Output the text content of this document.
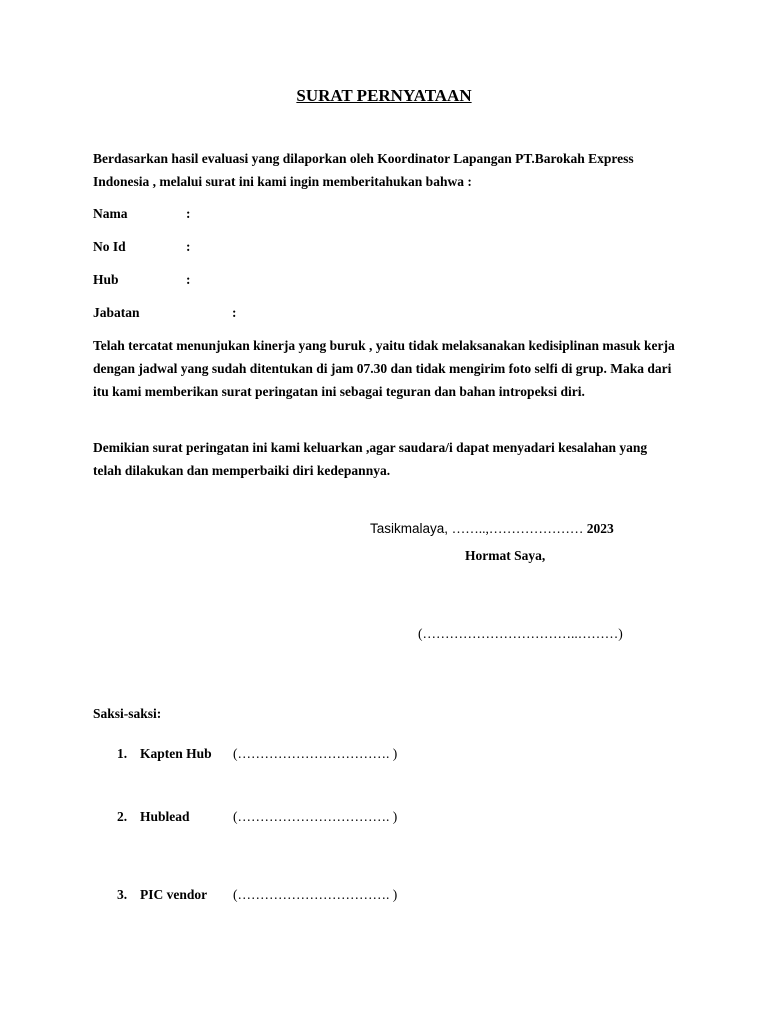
SURAT PERNYATAAN

Berdasarkan hasil evaluasi yang dilaporkan oleh Koordinator Lapangan PT.Barokah Express Indonesia , melalui surat ini kami ingin memberitahukan bahwa :

Nama	:
No Id	:
Hub	:
Jabatan	:

Telah tercatat menunjukan kinerja yang buruk , yaitu tidak melaksanakan kedisiplinan masuk kerja dengan jadwal yang sudah ditentukan di jam 07.30 dan tidak mengirim foto selfi di grup. Maka dari itu kami memberikan surat peringatan ini sebagai teguran dan bahan intropeksi diri.

Demikian surat peringatan ini kami keluarkan ,agar saudara/i dapat menyadari kesalahan yang telah dilakukan dan memperbaiki diri kedepannya.

Tasikmalaya, ……..,………………… 2023
Hormat Saya,
(……………………………..………)
Saksi-saksi:
1. Kapten Hub (……………………………. )
2. Hublead	(……………………………. )
3. PIC vendor (……………………………. )
